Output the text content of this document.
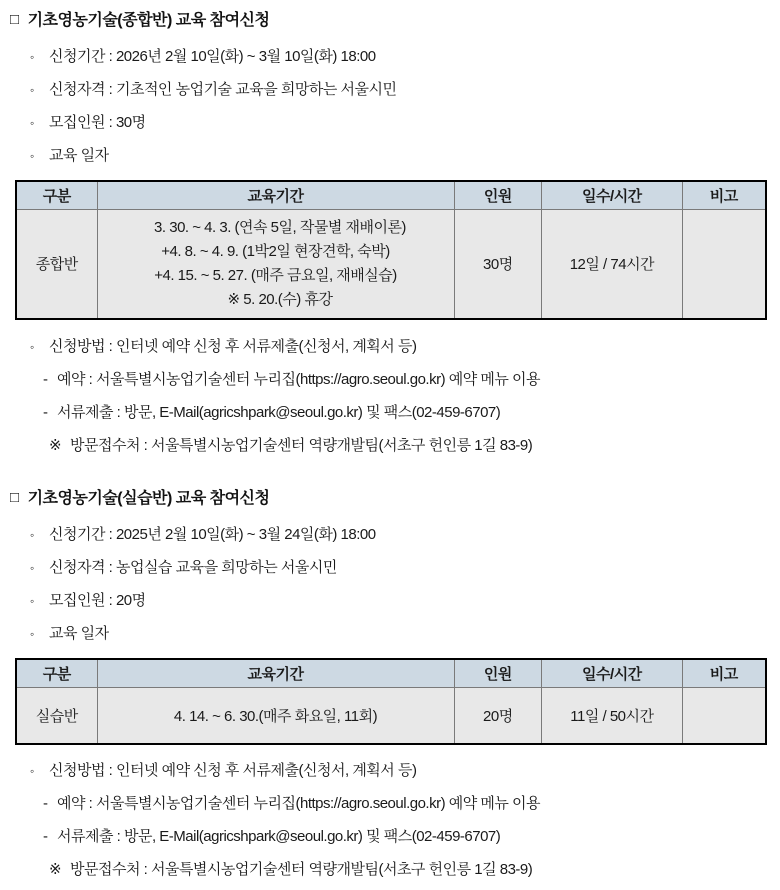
□ 기초영농기술(종합반) 교육 참여신청
◦	신청기간 : 2026년 2월 10일(화) ~ 3월 10일(화) 18:00
◦	신청자격 : 기초적인 농업기술 교육을 희망하는 서울시민
◦	모집인원 : 30명
◦	교육 일자
구분	교육기간	인원	일수/시간	비고
종합반	3. 30. ~ 4. 3. (연속 5일, 작물별 재배이론)
+4. 8. ~ 4. 9. (1박2일 현장견학, 숙박)
+4. 15. ~ 5. 27. (매주 금요일, 재배실습)
※ 5. 20.(수) 휴강	30명	12일 / 74시간	
◦	신청방법 : 인터넷 예약 신청 후 서류제출(신청서, 계획서 등)
- 예약 : 서울특별시농업기술센터 누리집(https://agro.seoul.go.kr) 예약 메뉴 이용
- 서류제출 : 방문, E-Mail(agricshpark@seoul.go.kr) 및 팩스(02-459-6707)
※ 방문접수처 : 서울특별시농업기술센터 역량개발팀(서초구 헌인릉 1길 83-9)
□ 기초영농기술(실습반) 교육 참여신청
◦	신청기간 : 2025년 2월 10일(화) ~ 3월 24일(화) 18:00
◦	신청자격 : 농업실습 교육을 희망하는 서울시민
◦	모집인원 : 20명
◦	교육 일자
구분	교육기간	인원	일수/시간	비고
실습반	4. 14. ~ 6. 30.(매주 화요일, 11회)	20명	11일 / 50시간	
◦	신청방법 : 인터넷 예약 신청 후 서류제출(신청서, 계획서 등)
- 예약 : 서울특별시농업기술센터 누리집(https://agro.seoul.go.kr) 예약 메뉴 이용
- 서류제출 : 방문, E-Mail(agricshpark@seoul.go.kr) 및 팩스(02-459-6707)
※ 방문접수처 : 서울특별시농업기술센터 역량개발팀(서초구 헌인릉 1길 83-9)
